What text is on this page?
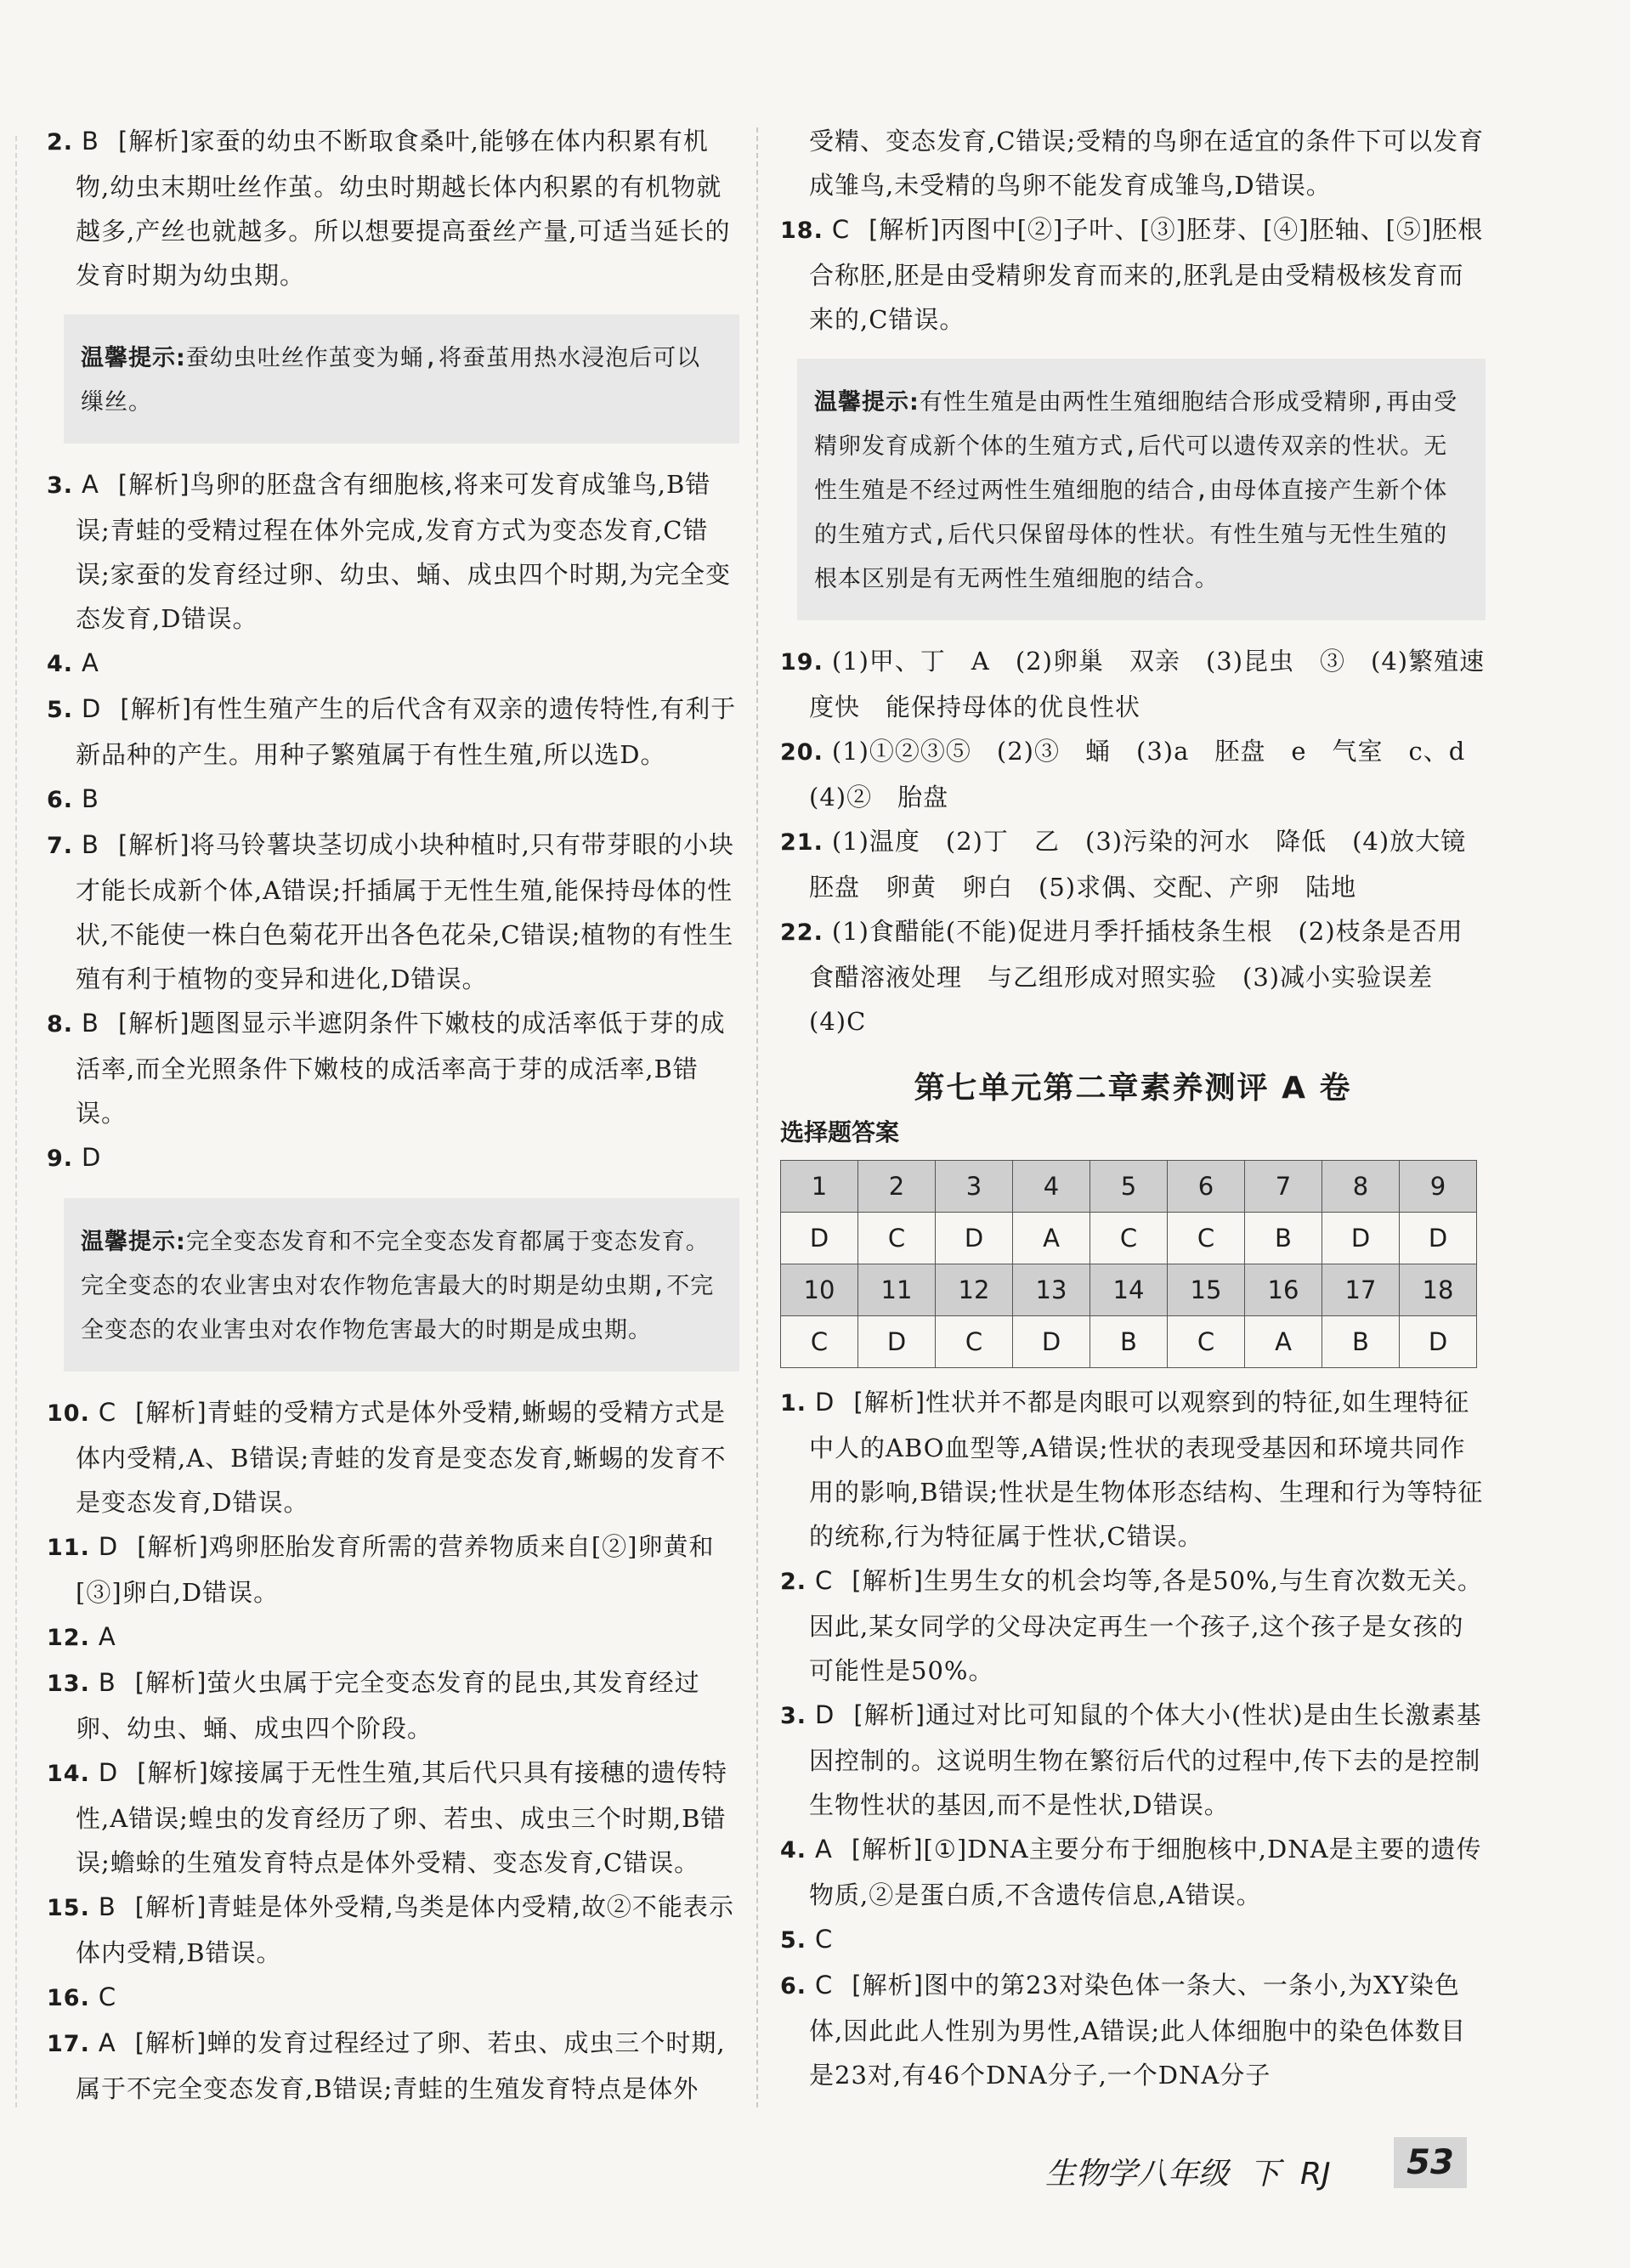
2. B [解析]家蚕的幼虫不断取食桑叶,能够在体内积累有机物,幼虫末期吐丝作茧。幼虫时期越长体内积累的有机物就越多,产丝也就越多。所以想要提高蚕丝产量,可适当延长的发育时期为幼虫期。

温馨提示:蚕幼虫吐丝作茧变为蛹,将蚕茧用热水浸泡后可以缫丝。

3. A [解析]鸟卵的胚盘含有细胞核,将来可发育成雏鸟,B错误;青蛙的受精过程在体外完成,发育方式为变态发育,C错误;家蚕的发育经过卵、幼虫、蛹、成虫四个时期,为完全变态发育,D错误。

4. A

5. D [解析]有性生殖产生的后代含有双亲的遗传特性,有利于新品种的产生。用种子繁殖属于有性生殖,所以选D。

6. B

7. B [解析]将马铃薯块茎切成小块种植时,只有带芽眼的小块才能长成新个体,A错误;扦插属于无性生殖,能保持母体的性状,不能使一株白色菊花开出各色花朵,C错误;植物的有性生殖有利于植物的变异和进化,D错误。

8. B [解析]题图显示半遮阴条件下嫩枝的成活率低于芽的成活率,而全光照条件下嫩枝的成活率高于芽的成活率,B错误。

9. D

温馨提示:完全变态发育和不完全变态发育都属于变态发育。完全变态的农业害虫对农作物危害最大的时期是幼虫期,不完全变态的农业害虫对农作物危害最大的时期是成虫期。

10. C [解析]青蛙的受精方式是体外受精,蜥蜴的受精方式是体内受精,A、B错误;青蛙的发育是变态发育,蜥蜴的发育不是变态发育,D错误。

11. D [解析]鸡卵胚胎发育所需的营养物质来自[②]卵黄和[③]卵白,D错误。

12. A

13. B [解析]萤火虫属于完全变态发育的昆虫,其发育经过卵、幼虫、蛹、成虫四个阶段。

14. D [解析]嫁接属于无性生殖,其后代只具有接穗的遗传特性,A错误;蝗虫的发育经历了卵、若虫、成虫三个时期,B错误;蟾蜍的生殖发育特点是体外受精、变态发育,C错误。

15. B [解析]青蛙是体外受精,鸟类是体内受精,故②不能表示体内受精,B错误。

16. C

17. A [解析]蝉的发育过程经过了卵、若虫、成虫三个时期,属于不完全变态发育,B错误;青蛙的生殖发育特点是体外

受精、变态发育,C错误;受精的鸟卵在适宜的条件下可以发育成雏鸟,未受精的鸟卵不能发育成雏鸟,D错误。

18. C [解析]丙图中[②]子叶、[③]胚芽、[④]胚轴、[⑤]胚根合称胚,胚是由受精卵发育而来的,胚乳是由受精极核发育而来的,C错误。

温馨提示:有性生殖是由两性生殖细胞结合形成受精卵,再由受精卵发育成新个体的生殖方式,后代可以遗传双亲的性状。无性生殖是不经过两性生殖细胞的结合,由母体直接产生新个体的生殖方式,后代只保留母体的性状。有性生殖与无性生殖的根本区别是有无两性生殖细胞的结合。

19. (1)甲、丁　A　(2)卵巢　双亲　(3)昆虫　③　(4)繁殖速度快　能保持母体的优良性状

20. (1)①②③⑤　(2)③　蛹　(3)a　胚盘　e　气室　c、d　(4)②　胎盘

21. (1)温度　(2)丁　乙　(3)污染的河水　降低　(4)放大镜　胚盘　卵黄　卵白　(5)求偶、交配、产卵　陆地

22. (1)食醋能(不能)促进月季扦插枝条生根　(2)枝条是否用食醋溶液处理　与乙组形成对照实验　(3)减小实验误差　(4)C

第七单元第二章素养测评 A 卷
选择题答案
1	2	3	4	5	6	7	8	9
D	C	D	A	C	C	B	D	D
10	11	12	13	14	15	16	17	18
C	D	C	D	B	C	A	B	D

1. D [解析]性状并不都是肉眼可以观察到的特征,如生理特征中人的ABO血型等,A错误;性状的表现受基因和环境共同作用的影响,B错误;性状是生物体形态结构、生理和行为等特征的统称,行为特征属于性状,C错误。

2. C [解析]生男生女的机会均等,各是50%,与生育次数无关。因此,某女同学的父母决定再生一个孩子,这个孩子是女孩的可能性是50%。

3. D [解析]通过对比可知鼠的个体大小(性状)是由生长激素基因控制的。这说明生物在繁衍后代的过程中,传下去的是控制生物性状的基因,而不是性状,D错误。

4. A [解析][①]DNA主要分布于细胞核中,DNA是主要的遗传物质,②是蛋白质,不含遗传信息,A错误。

5. C

6. C [解析]图中的第23对染色体一条大、一条小,为XY染色体,因此此人性别为男性,A错误;此人体细胞中的染色体数目是23对,有46个DNA分子,一个DNA分子

生物学八年级 下 RJ	53
